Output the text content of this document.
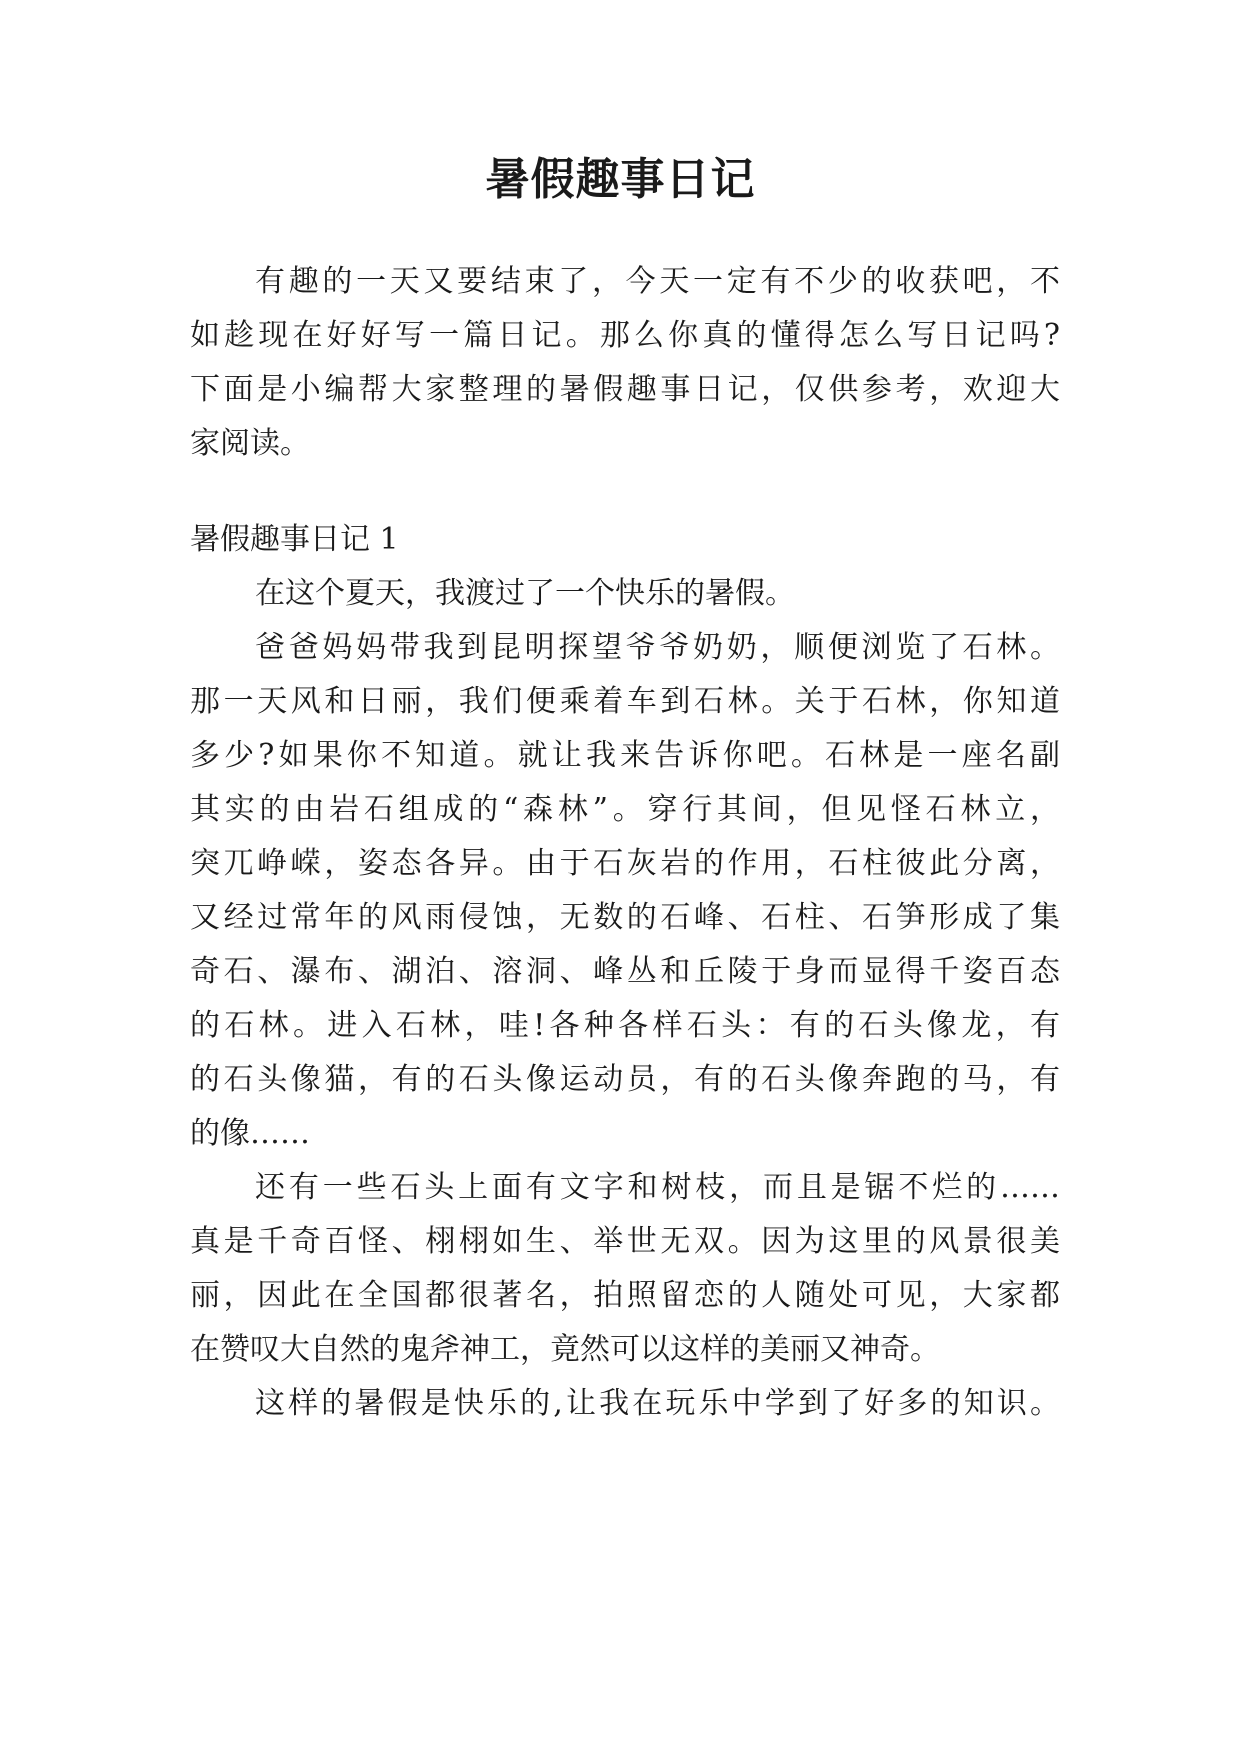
暑假趣事日记
有趣的一天又要结束了，今天一定有不少的收获吧，不
如趁现在好好写一篇日记。那么你真的懂得怎么写日记吗?
下面是小编帮大家整理的暑假趣事日记，仅供参考，欢迎大
家阅读。
暑假趣事日记 1
在这个夏天，我渡过了一个快乐的暑假。
爸爸妈妈带我到昆明探望爷爷奶奶，顺便浏览了石林。
那一天风和日丽，我们便乘着车到石林。关于石林，你知道
多少?如果你不知道。就让我来告诉你吧。石林是一座名副
其实的由岩石组成的“森林”。穿行其间，但见怪石林立，
突兀峥嵘，姿态各异。由于石灰岩的作用，石柱彼此分离，
又经过常年的风雨侵蚀，无数的石峰、石柱、石笋形成了集
奇石、瀑布、湖泊、溶洞、峰丛和丘陵于身而显得千姿百态
的石林。进入石林，哇!各种各样石头：有的石头像龙，有
的石头像猫，有的石头像运动员，有的石头像奔跑的马，有
的像……
还有一些石头上面有文字和树枝，而且是锯不烂的……
真是千奇百怪、栩栩如生、举世无双。因为这里的风景很美
丽，因此在全国都很著名，拍照留恋的人随处可见，大家都
在赞叹大自然的鬼斧神工，竟然可以这样的美丽又神奇。
这样的暑假是快乐的,让我在玩乐中学到了好多的知识。
